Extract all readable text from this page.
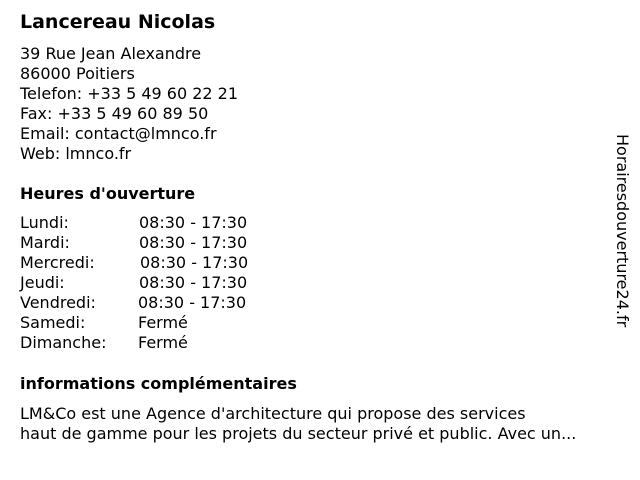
Lancereau Nicolas
39 Rue Jean Alexandre
86000 Poitiers
Telefon: +33 5 49 60 22 21
Fax: +33 5 49 60 89 50
Email: contact@lmnco.fr
Web: lmnco.fr
Heures d'ouverture
Lundi:	08:30 - 17:30
Mardi:	08:30 - 17:30
Mercredi:	08:30 - 17:30
Jeudi:	08:30 - 17:30
Vendredi:	08:30 - 17:30
Samedi:	Fermé
Dimanche: Fermé
informations complémentaires
LM&Co est une Agence d'architecture qui propose des services
haut de gamme pour les projets du secteur privé et public. Avec un...
Horairesdouverture24.fr
